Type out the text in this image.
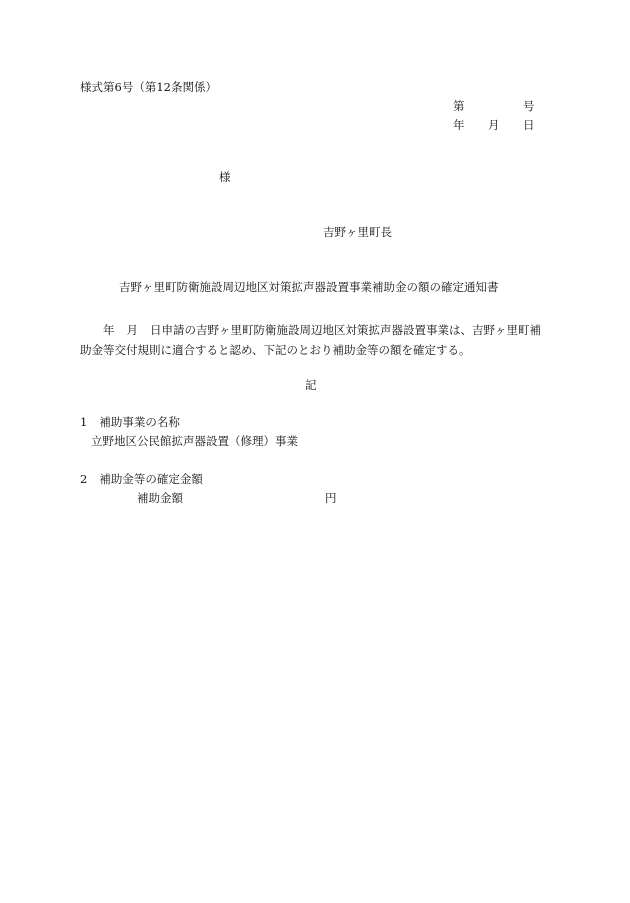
様式第6号（第12条関係）
第	号
年 月 日
様
吉野ヶ里町長
吉野ヶ里町防衛施設周辺地区対策拡声器設置事業補助金の額の確定通知書
年 月 日申請の吉野ヶ里町防衛施設周辺地区対策拡声器設置事業は、吉野ヶ里町補
助金等交付規則に適合すると認め、下記のとおり補助金等の額を確定する。
記
1 補助事業の名称
立野地区公民館拡声器設置（修理）事業
2 補助金等の確定金額
補助金額	円
